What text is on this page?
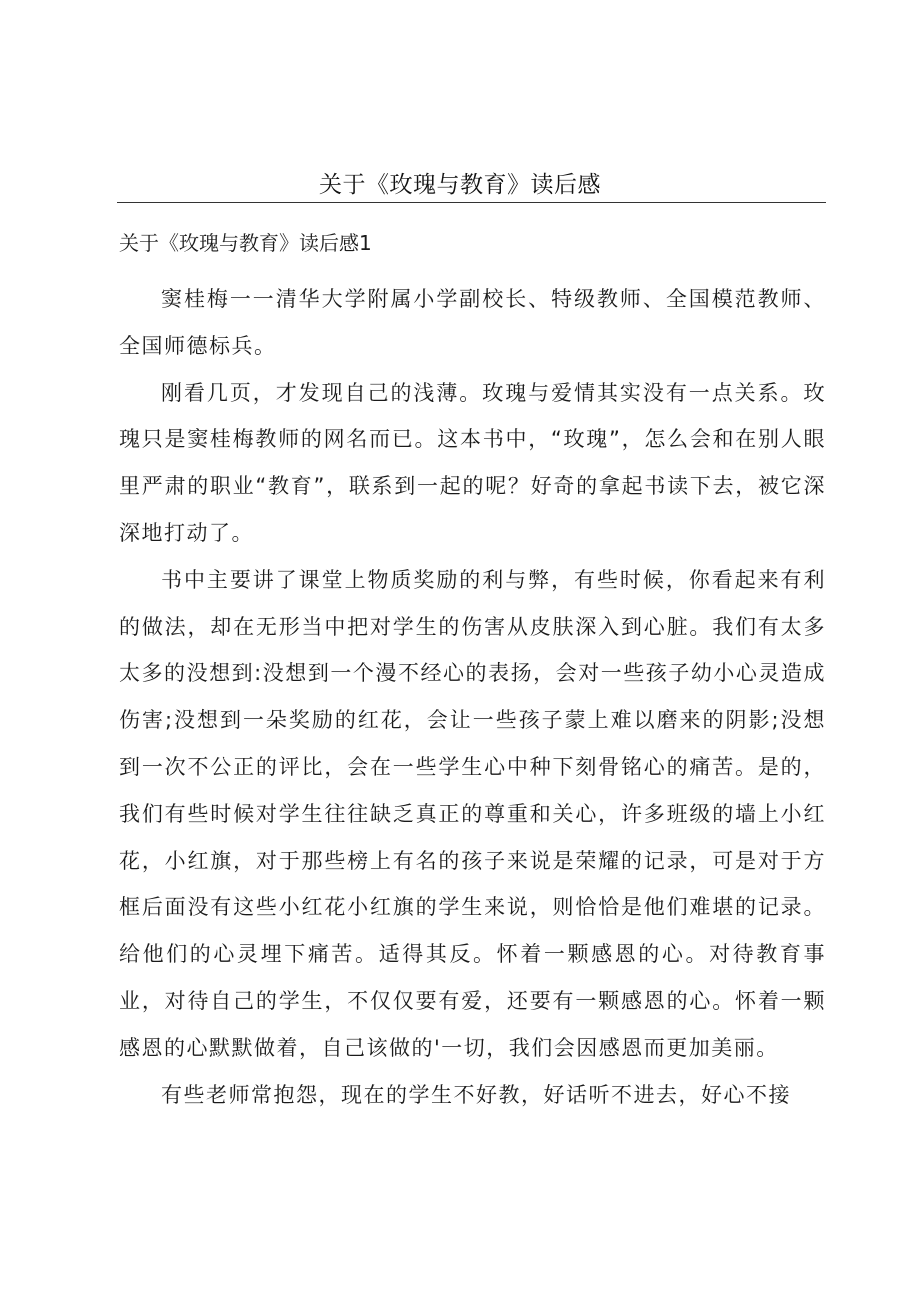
关于《玫瑰与教育》读后感
关于《玫瑰与教育》读后感1

窦桂梅一一清华大学附属小学副校长、特级教师、全国模范教师、全国师德标兵。

刚看几页，才发现自己的浅薄。玫瑰与爱情其实没有一点关系。玫瑰只是窦桂梅教师的网名而已。这本书中，“玫瑰”，怎么会和在别人眼里严肃的职业“教育”，联系到一起的呢？好奇的拿起书读下去，被它深深地打动了。

书中主要讲了课堂上物质奖励的利与弊，有些时候，你看起来有利的做法，却在无形当中把对学生的伤害从皮肤深入到心脏。我们有太多太多的没想到:没想到一个漫不经心的表扬，会对一些孩子幼小心灵造成伤害;没想到一朵奖励的红花，会让一些孩子蒙上难以磨来的阴影;没想到一次不公正的评比，会在一些学生心中种下刻骨铭心的痛苦。是的，我们有些时候对学生往往缺乏真正的尊重和关心，许多班级的墙上小红花，小红旗，对于那些榜上有名的孩子来说是荣耀的记录，可是对于方框后面没有这些小红花小红旗的学生来说，则恰恰是他们难堪的记录。给他们的心灵埋下痛苦。适得其反。怀着一颗感恩的心。对待教育事业，对待自己的学生，不仅仅要有爱，还要有一颗感恩的心。怀着一颗感恩的心默默做着，自己该做的'一切，我们会因感恩而更加美丽。

有些老师常抱怨，现在的学生不好教，好话听不进去，好心不接
